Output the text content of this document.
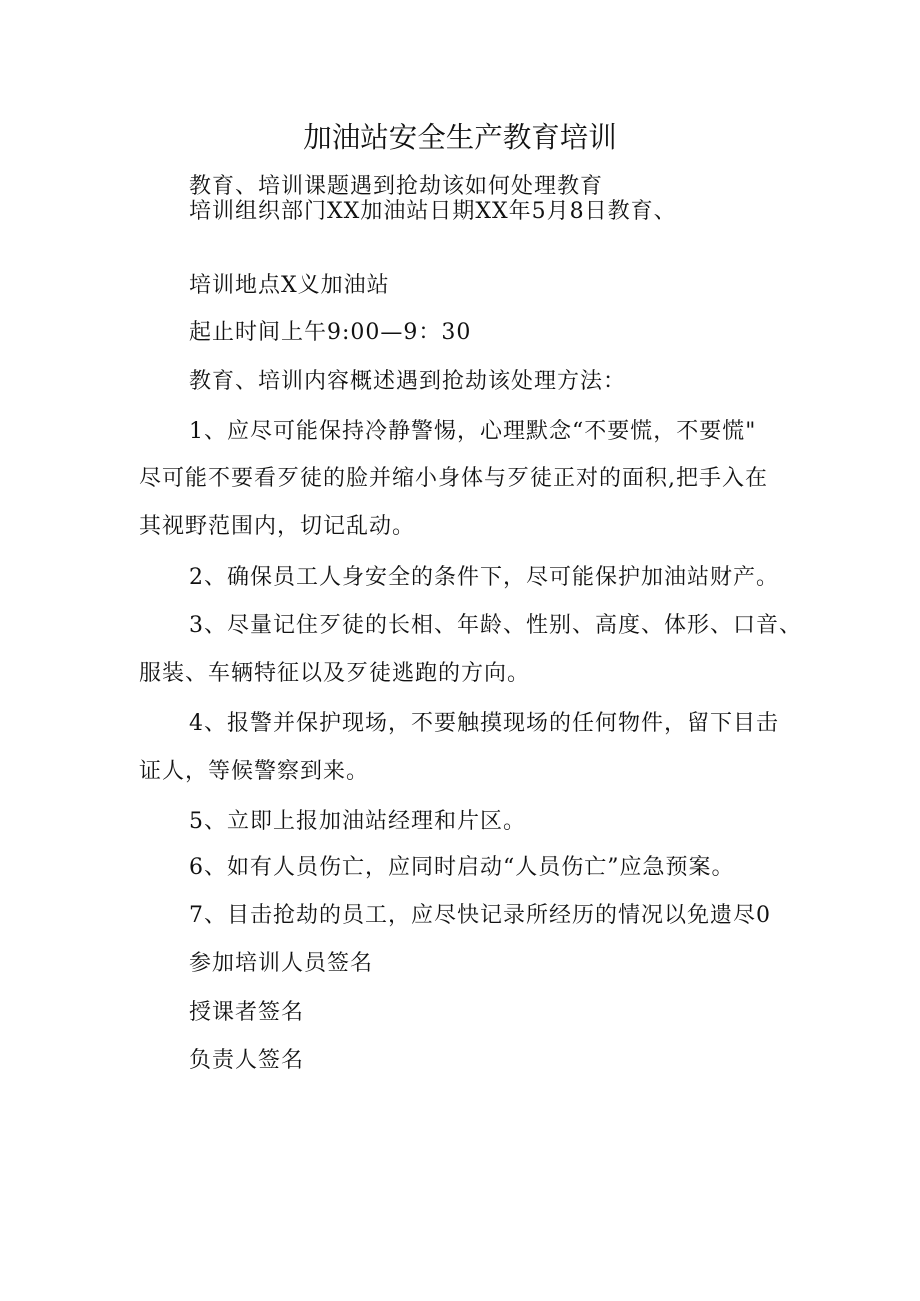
加油站安全生产教育培训
教育、培训课题遇到抢劫该如何处理教育
培训组织部门XX加油站日期XX年5月8日教育、
培训地点X义加油站
起止时间上午9:00—9：30
教育、培训内容概述遇到抢劫该处理方法：
1、应尽可能保持冷静警惕，心理默念“不要慌，不要慌"
尽可能不要看歹徒的脸并缩小身体与歹徒正对的面积,把手入在
其视野范围内，切记乱动。
2、确保员工人身安全的条件下，尽可能保护加油站财产。
3、尽量记住歹徒的长相、年龄、性别、高度、体形、口音、
服装、车辆特征以及歹徒逃跑的方向。
4、报警并保护现场，不要触摸现场的任何物件，留下目击
证人，等候警察到来。
5、立即上报加油站经理和片区。
6、如有人员伤亡，应同时启动“人员伤亡”应急预案。
7、目击抢劫的员工，应尽快记录所经历的情况以免遗尽0
参加培训人员签名
授课者签名
负责人签名
